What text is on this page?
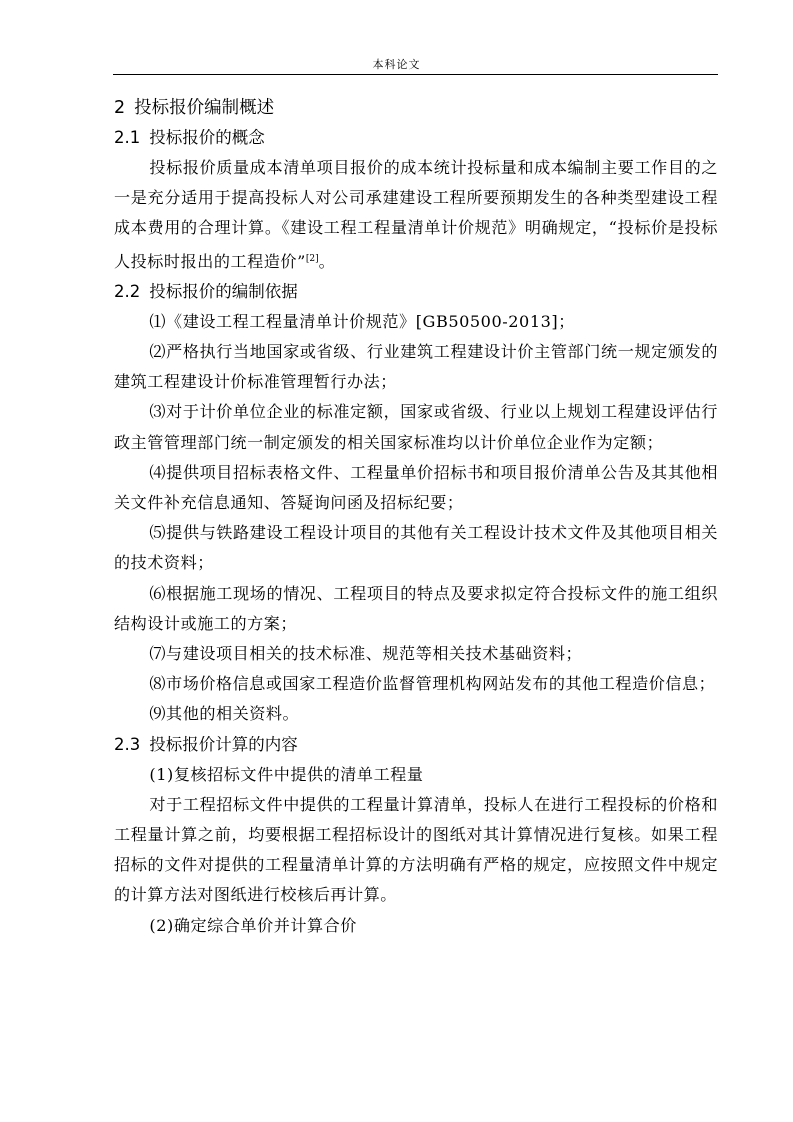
本科论文

2 投标报价编制概述

2.1 投标报价的概念

投标报价质量成本清单项目报价的成本统计投标量和成本编制主要工作目的之一是充分适用于提高投标人对公司承建建设工程所要预期发生的各种类型建设工程成本费用的合理计算。《建设工程工程量清单计价规范》明确规定，“投标价是投标人投标时报出的工程造价”[2]。

2.2 投标报价的编制依据

⑴《建设工程工程量清单计价规范》[GB50500-2013]；

⑵严格执行当地国家或省级、行业建筑工程建设计价主管部门统一规定颁发的建筑工程建设计价标准管理暂行办法；

⑶对于计价单位企业的标准定额，国家或省级、行业以上规划工程建设评估行政主管管理部门统一制定颁发的相关国家标准均以计价单位企业作为定额；

⑷提供项目招标表格文件、工程量单价招标书和项目报价清单公告及其其他相关文件补充信息通知、答疑询问函及招标纪要；

⑸提供与铁路建设工程设计项目的其他有关工程设计技术文件及其他项目相关的技术资料；

⑹根据施工现场的情况、工程项目的特点及要求拟定符合投标文件的施工组织结构设计或施工的方案；

⑺与建设项目相关的技术标准、规范等相关技术基础资料；

⑻市场价格信息或国家工程造价监督管理机构网站发布的其他工程造价信息；

⑼其他的相关资料。

2.3 投标报价计算的内容

(1)复核招标文件中提供的清单工程量

对于工程招标文件中提供的工程量计算清单，投标人在进行工程投标的价格和工程量计算之前，均要根据工程招标设计的图纸对其计算情况进行复核。如果工程招标的文件对提供的工程量清单计算的方法明确有严格的规定，应按照文件中规定的计算方法对图纸进行校核后再计算。

(2)确定综合单价并计算合价
